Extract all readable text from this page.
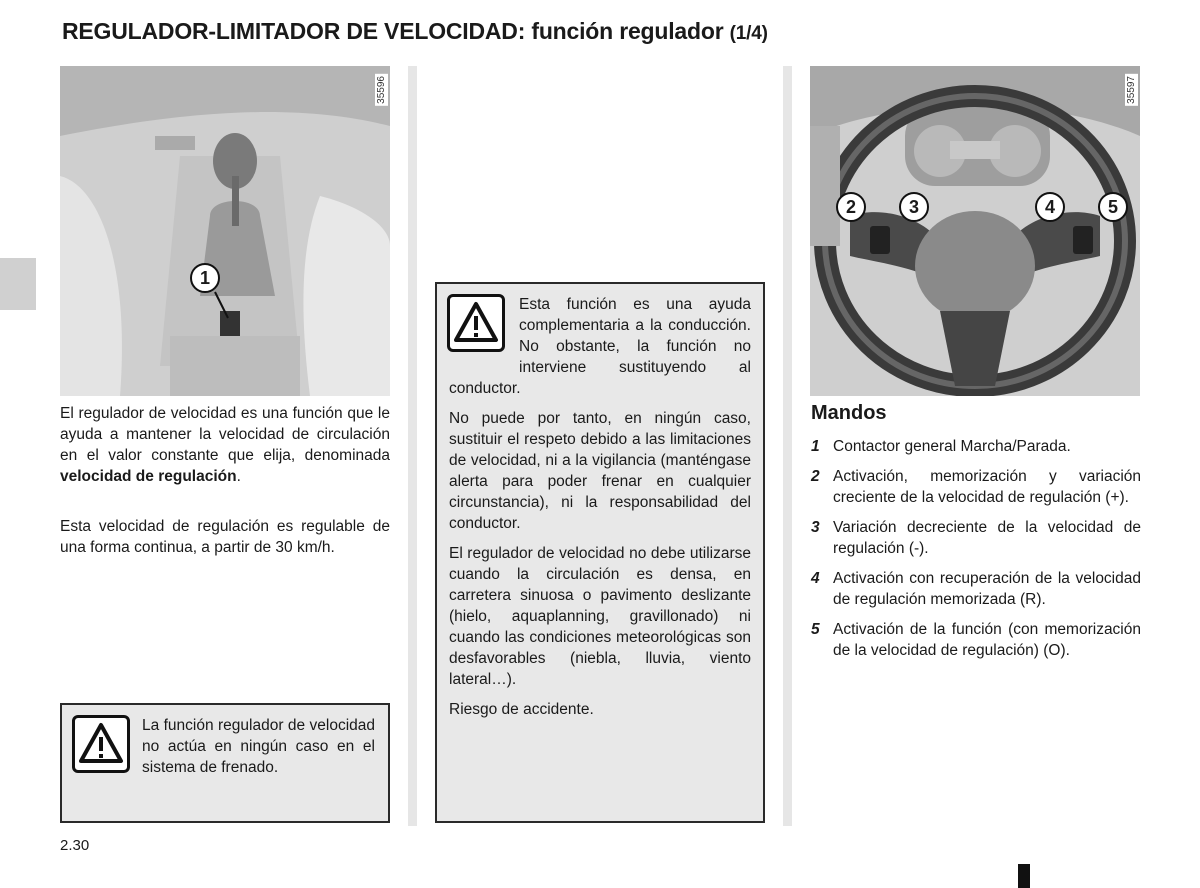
REGULADOR-LIMITADOR DE VELOCIDAD: función regulador (1/4)
35596
1

El regulador de velocidad es una función que le ayuda a mantener la velocidad de circulación en el valor constante que elija, denominada velocidad de regulación.

Esta velocidad de regulación es regulable de una forma continua, a partir de 30 km/h.

La función regulador de velocidad no actúa en ningún caso en el sistema de frenado.

Esta función es una ayuda complementaria a la conducción. No obstante, la función no interviene sustituyendo al conductor.

No puede por tanto, en ningún caso, sustituir el respeto debido a las limitaciones de velocidad, ni a la vigilancia (manténgase alerta para poder frenar en cualquier circunstancia), ni la responsabilidad del conductor.

El regulador de velocidad no debe utilizarse cuando la circulación es densa, en carretera sinuosa o pavimento deslizante (hielo, aquaplanning, gravillonado) ni cuando las condiciones meteorológicas son desfavorables (niebla, lluvia, viento lateral…).

Riesgo de accidente.

35597
2	3	4	5
Mandos
1 Contactor general Marcha/Parada.
2 Activación, memorización y variación creciente de la velocidad de regulación (+).
3 Variación decreciente de la velocidad de regulación (-).
4 Activación con recuperación de la velocidad de regulación memorizada (R).
5 Activación de la función (con memorización de la velocidad de regulación) (O).
2.30
